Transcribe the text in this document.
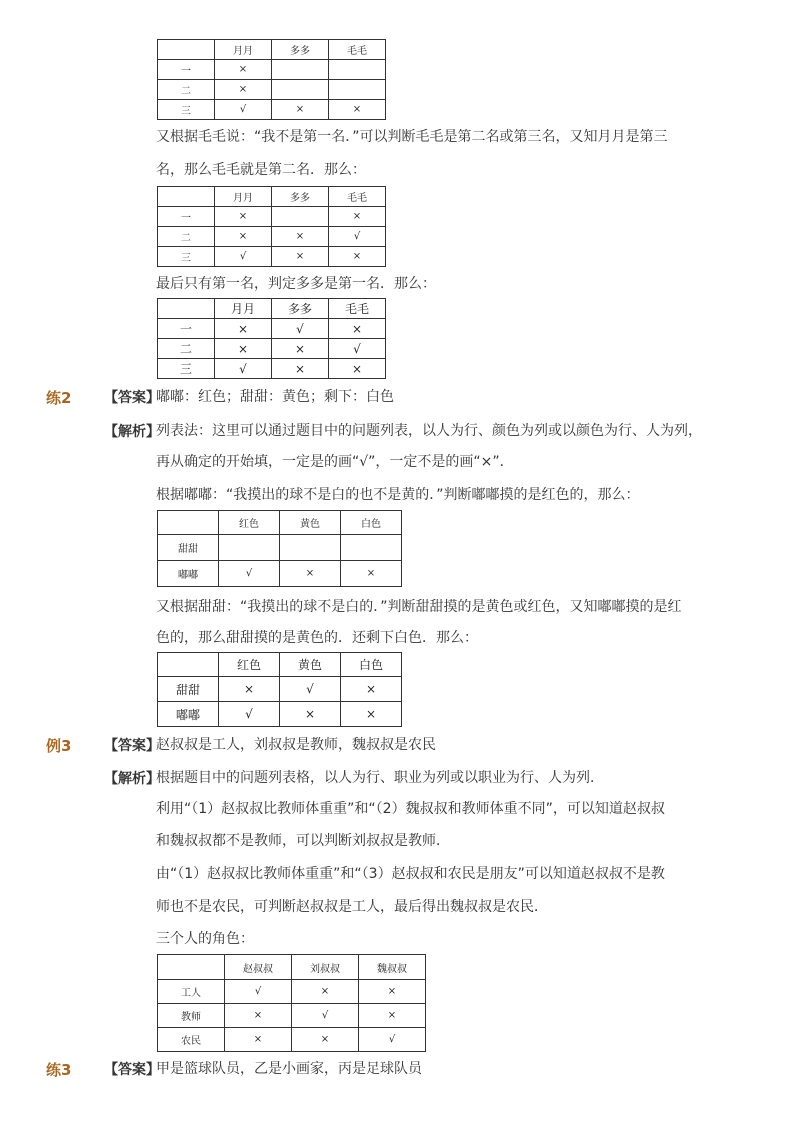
	月月	多多	毛毛
一	×		
二	×		
三	√	×	×
又根据毛毛说：“我不是第一名．”可以判断毛毛是第二名或第三名，又知月月是第三
名，那么毛毛就是第二名．那么：
	月月	多多	毛毛
一	×		×
二	×	×	√
三	√	×	×
最后只有第一名，判定多多是第一名．那么：
	月月	多多	毛毛
一	×	√	×
二	×	×	√
三	√	×	×
练2 【答案】
嘟嘟：红色；甜甜：黄色；剩下：白色
【解析】
列表法：这里可以通过题目中的问题列表，以人为行、颜色为列或以颜色为行、人为列，
再从确定的开始填，一定是的画“√”，一定不是的画“×”．
根据嘟嘟：“我摸出的球不是白的也不是黄的．”判断嘟嘟摸的是红色的，那么：
	红色	黄色	白色
甜甜			
嘟嘟	√	×	×
又根据甜甜：“我摸出的球不是白的．”判断甜甜摸的是黄色或红色，又知嘟嘟摸的是红
色的，那么甜甜摸的是黄色的．还剩下白色．那么：
	红色	黄色	白色
甜甜	×	√	×
嘟嘟	√	×	×
例3 【答案】
赵叔叔是工人，刘叔叔是教师，魏叔叔是农民
【解析】
根据题目中的问题列表格，以人为行、职业为列或以职业为行、人为列．
利用“（1）赵叔叔比教师体重重”和“（2）魏叔叔和教师体重不同”，可以知道赵叔叔
和魏叔叔都不是教师，可以判断刘叔叔是教师．
由“（1）赵叔叔比教师体重重”和“（3）赵叔叔和农民是朋友”可以知道赵叔叔不是教
师也不是农民，可判断赵叔叔是工人，最后得出魏叔叔是农民．
三个人的角色：
	赵叔叔	刘叔叔	魏叔叔
工人	√	×	×
教师	×	√	×
农民	×	×	√
练3 【答案】
甲是篮球队员，乙是小画家，丙是足球队员
